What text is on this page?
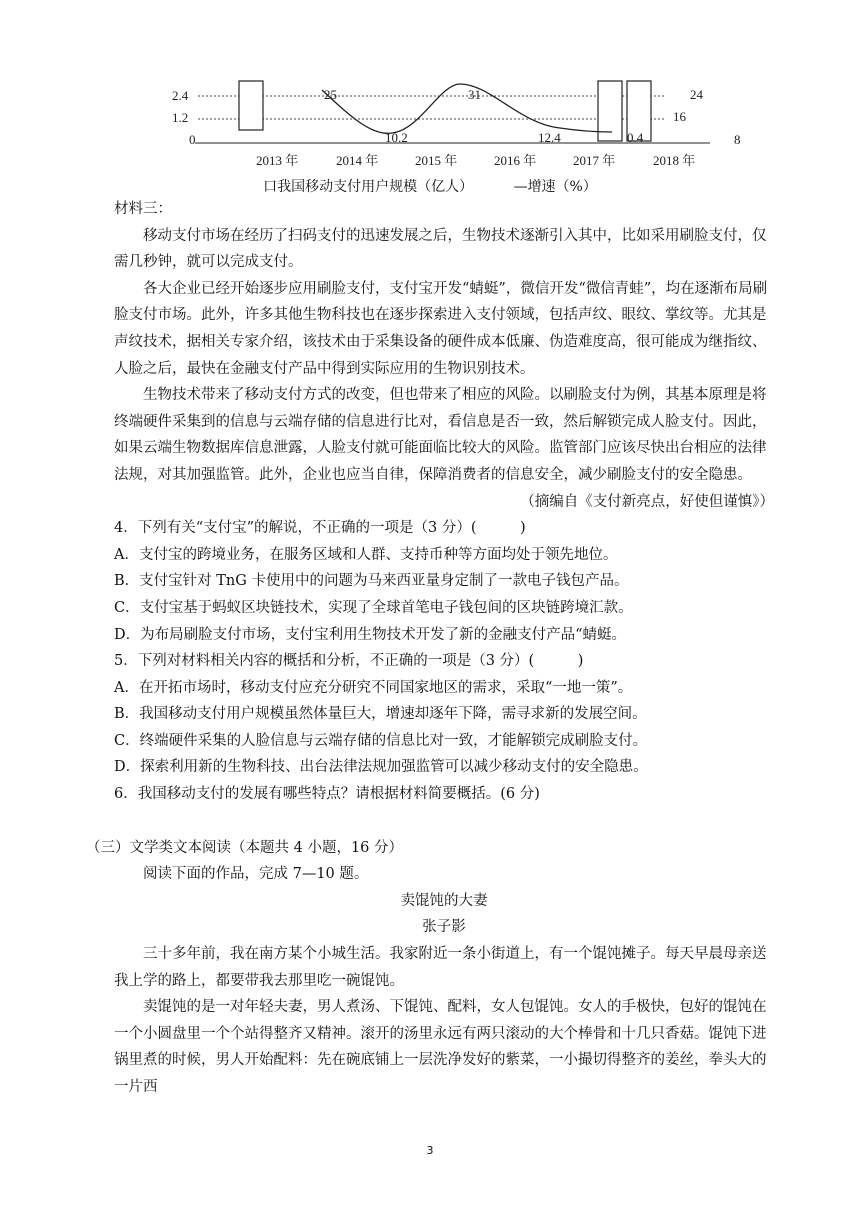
2.4
1.2
0
24
16
8
25	31
10.2	12.4	0.4
2013 年	2014 年	2015 年	2016 年	2017 年	2018 年
口我国移动支付用户规模（亿人）	—增速（%）

材料三：

移动支付市场在经历了扫码支付的迅速发展之后，生物技术逐渐引入其中，比如采用刷脸支付，仅需几秒钟，就可以完成支付。

各大企业已经开始逐步应用刷脸支付，支付宝开发“蜻蜓”，微信开发“微信青蛙”，均在逐渐布局刷脸支付市场。此外，许多其他生物科技也在逐步探索进入支付领域，包括声纹、眼纹、掌纹等。尤其是声纹技术，据相关专家介绍，该技术由于采集设备的硬件成本低廉、伪造难度高，很可能成为继指纹、人脸之后，最快在金融支付产品中得到实际应用的生物识别技术。

生物技术带来了移动支付方式的改变，但也带来了相应的风险。以刷脸支付为例，其基本原理是将终端硬件采集到的信息与云端存储的信息进行比对，看信息是否一致，然后解锁完成人脸支付。因此，如果云端生物数据库信息泄露，人脸支付就可能面临比较大的风险。监管部门应该尽快出台相应的法律法规，对其加强监管。此外，企业也应当自律，保障消费者的信息安全，减少刷脸支付的安全隐患。

（摘编自《支付新亮点，好使但谨慎》）

4．下列有关“支付宝”的解说，不正确的一项是（3 分）(　　　)

A．支付宝的跨境业务，在服务区域和人群、支持币种等方面均处于领先地位。

B．支付宝针对 TnG 卡使用中的问题为马来西亚量身定制了一款电子钱包产品。

C．支付宝基于蚂蚁区块链技术，实现了全球首笔电子钱包间的区块链跨境汇款。

D．为布局刷脸支付市场，支付宝利用生物技术开发了新的金融支付产品“蜻蜓。

5．下列对材料相关内容的概括和分析，不正确的一项是（3 分）(　　　)

A．在开拓市场时，移动支付应充分研究不同国家地区的需求，采取“一地一策”。

B．我国移动支付用户规模虽然体量巨大，增速却逐年下降，需寻求新的发展空间。

C．终端硬件采集的人脸信息与云端存储的信息比对一致，才能解锁完成刷脸支付。

D．探索利用新的生物科技、出台法律法规加强监管可以减少移动支付的安全隐患。

6．我国移动支付的发展有哪些特点？请根据材料简要概括。(6 分)

（三）文学类文本阅读（本题共 4 小题，16 分）

阅读下面的作品，完成 7—10 题。

卖馄饨的大妻

张子影

三十多年前，我在南方某个小城生活。我家附近一条小街道上，有一个馄饨摊子。每天早晨母亲送我上学的路上，都要带我去那里吃一碗馄饨。

卖馄饨的是一对年轻夫妻，男人煮汤、下馄饨、配料，女人包馄饨。女人的手极快，包好的馄饨在一个小圆盘里一个个站得整齐又精神。滚开的汤里永远有两只滚动的大个棒骨和十几只香菇。馄饨下进锅里煮的时候，男人开始配料：先在碗底铺上一层洗净发好的紫菜，一小撮切得整齐的姜丝，拳头大的一片西

3
